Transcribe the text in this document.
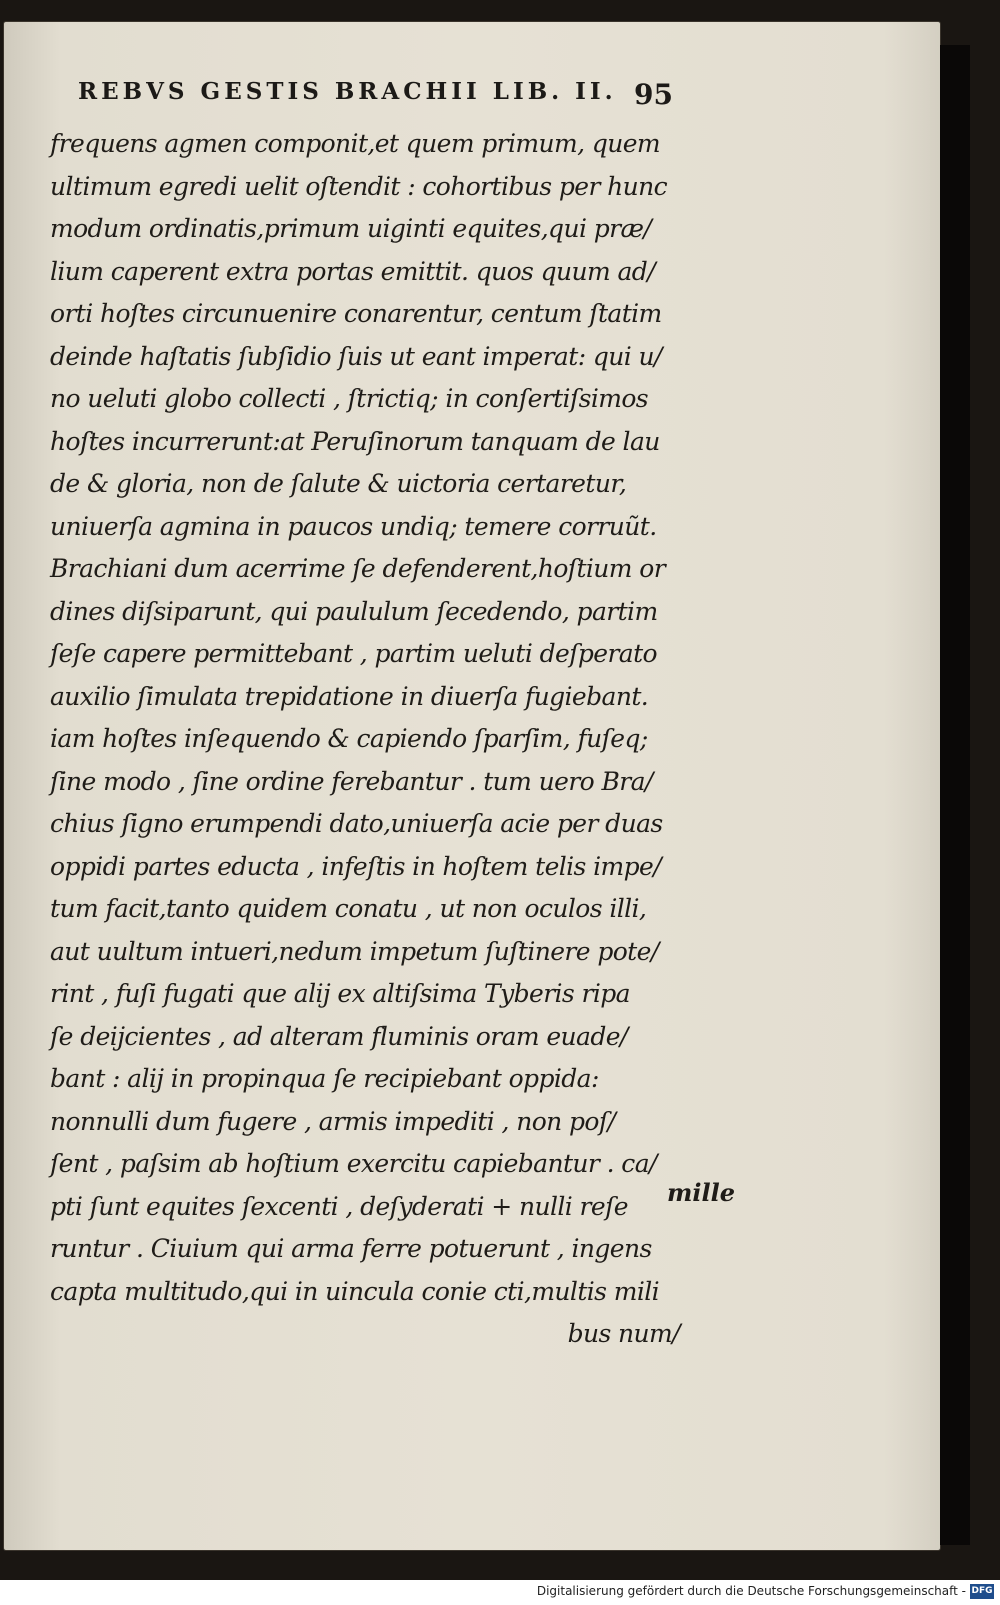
REBVS GESTIS BRACHII LIB. II. 95
frequens agmen componit,et quem primum, quem
ultimum egredi uelit oſtendit : cohortibus per hunc
modum ordinatis,primum uiginti equites,qui præ/
lium caperent extra portas emittit. quos quum ad/
orti hoſtes circunuenire conarentur, centum ſtatim
deinde haſtatis ſubſidio ſuis ut eant imperat: qui u/
no ueluti globo collecti , ſtrictiq; in conſertiſsimos
hoſtes incurrerunt:at Peruſinorum tanquam de lau
de & gloria, non de ſalute & uictoria certaretur,
uniuerſa agmina in paucos undiq; temere corruũt.
Brachiani dum acerrime ſe defenderent,hoſtium or
dines diſsiparunt, qui paululum ſecedendo, partim
ſeſe capere permittebant , partim ueluti deſperato
auxilio ſimulata trepidatione in diuerſa fugiebant.
iam hoſtes inſequendo & capiendo ſparſim, fuſeq;
ſine modo , ſine ordine ferebantur . tum uero Bra/
chius ſigno erumpendi dato,uniuerſa acie per duas
oppidi partes educta , infeſtis in hoſtem telis impe/
tum facit,tanto quidem conatu , ut non oculos illi,
aut uultum intueri,nedum impetum ſuſtinere pote/
rint , fuſi fugati que alij ex altiſsima Tyberis ripa
ſe deijcientes , ad alteram fluminis oram euade/
bant : alij in propinqua ſe recipiebant oppida:
nonnulli dum fugere , armis impediti , non poſ/
ſent , paſsim ab hoſtium exercitu capiebantur . ca/
pti ſunt equites ſexcenti , deſyderati + nulli reſe
runtur . Ciuium qui arma ferre potuerunt , ingens
capta multitudo,qui in uincula conie cti,multis mili
bus num/
mille
Digitalisierung gefördert durch die Deutsche Forschungsgemeinschaft - DFG
